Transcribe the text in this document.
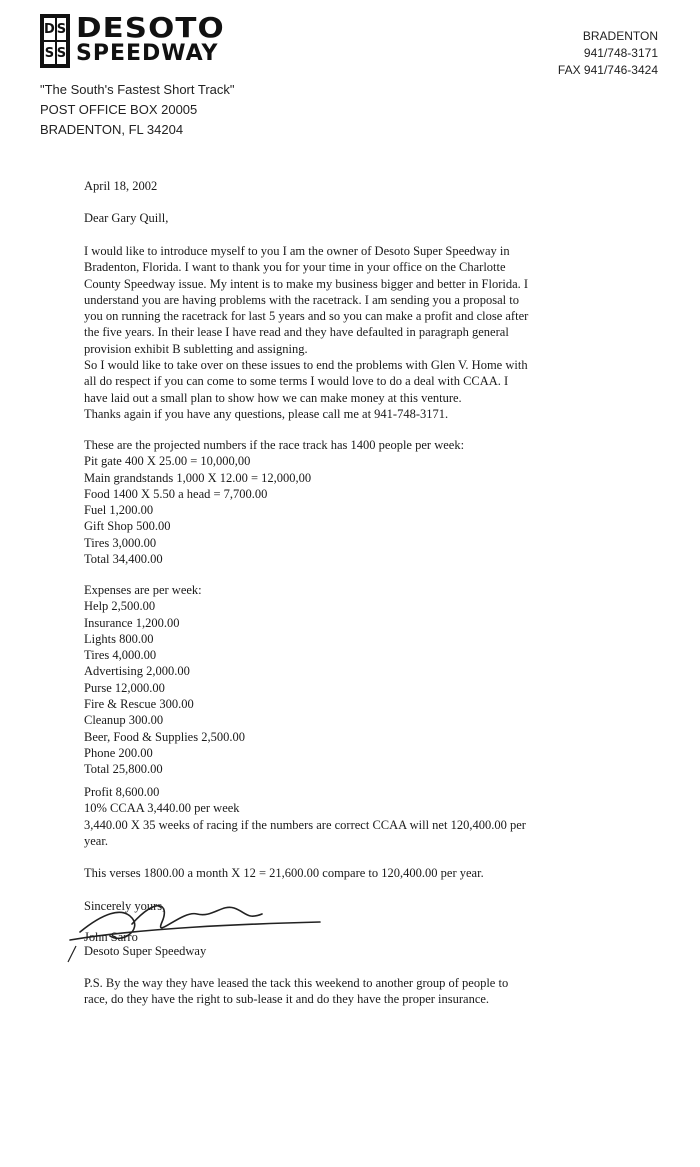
D S
S S
DESOTO
SPEEDWAY
"The South's Fastest Short Track"
POST OFFICE BOX 20005
BRADENTON, FL 34204
BRADENTON
941/748-3171
FAX 941/746-3424
April 18, 2002
Dear Gary Quill,
I would like to introduce myself to you I am the owner of Desoto Super Speedway in
Bradenton, Florida. I want to thank you for your time in your office on the Charlotte
County Speedway issue. My intent is to make my business bigger and better in Florida. I
understand you are having problems with the racetrack. I am sending you a proposal to
you on running the racetrack for last 5 years and so you can make a profit and close after
the five years. In their lease I have read and they have defaulted in paragraph general
provision exhibit B subletting and assigning.
So I would like to take over on these issues to end the problems with Glen V. Home with
all do respect if you can come to some terms I would love to do a deal with CCAA. I
have laid out a small plan to show how we can make money at this venture.
Thanks again if you have any questions, please call me at 941-748-3171.
These are the projected numbers if the race track has 1400 people per week:
Pit gate 400 X 25.00 = 10,000,00
Main grandstands 1,000 X 12.00 = 12,000,00
Food 1400 X 5.50 a head = 7,700.00
Fuel 1,200.00
Gift Shop 500.00
Tires 3,000.00
Total 34,400.00
Expenses are per week:
Help 2,500.00
Insurance 1,200.00
Lights 800.00
Tires 4,000.00
Advertising 2,000.00
Purse 12,000.00
Fire & Rescue 300.00
Cleanup 300.00
Beer, Food & Supplies 2,500.00
Phone 200.00
Total 25,800.00
Profit 8,600.00
10% CCAA 3,440.00 per week
3,440.00 X 35 weeks of racing if the numbers are correct CCAA will net 120,400.00 per
year.
This verses 1800.00 a month X 12 = 21,600.00 compare to 120,400.00 per year.
Sincerely yours,
John Sarro
Desoto Super Speedway
P.S. By the way they have leased the tack this weekend to another group of people to
race, do they have the right to sub-lease it and do they have the proper insurance.
